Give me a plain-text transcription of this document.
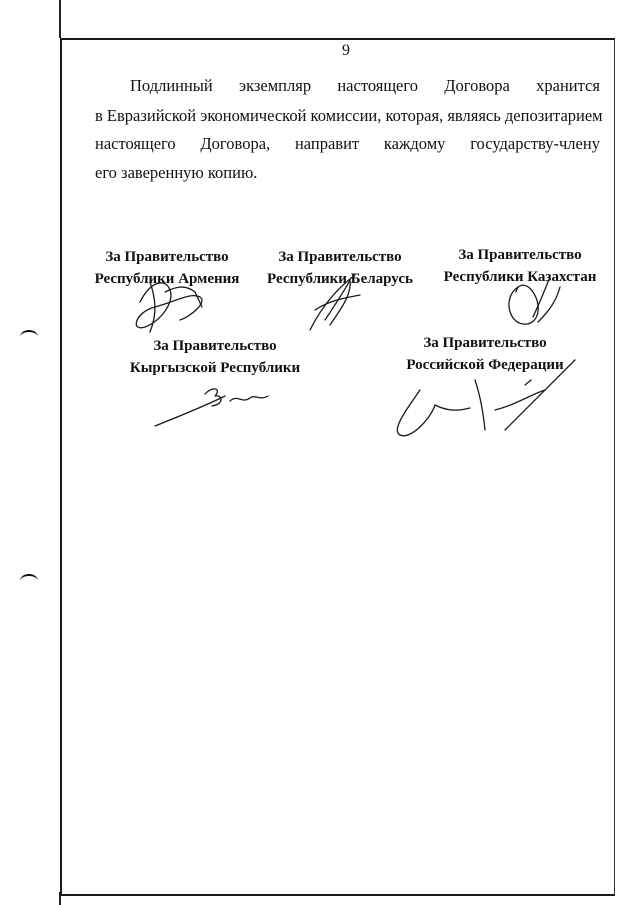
9
Подлинный экземпляр настоящего Договора хранится
в Евразийской экономической комиссии, которая, являясь депозитарием
настоящего Договора, направит каждому государству-члену
его заверенную копию.
За Правительство
Республики Армения
За Правительство
Республики Беларусь
За Правительство
Республики Казахстан
За Правительство
Кыргызской Республики
За Правительство
Российской Федерации
